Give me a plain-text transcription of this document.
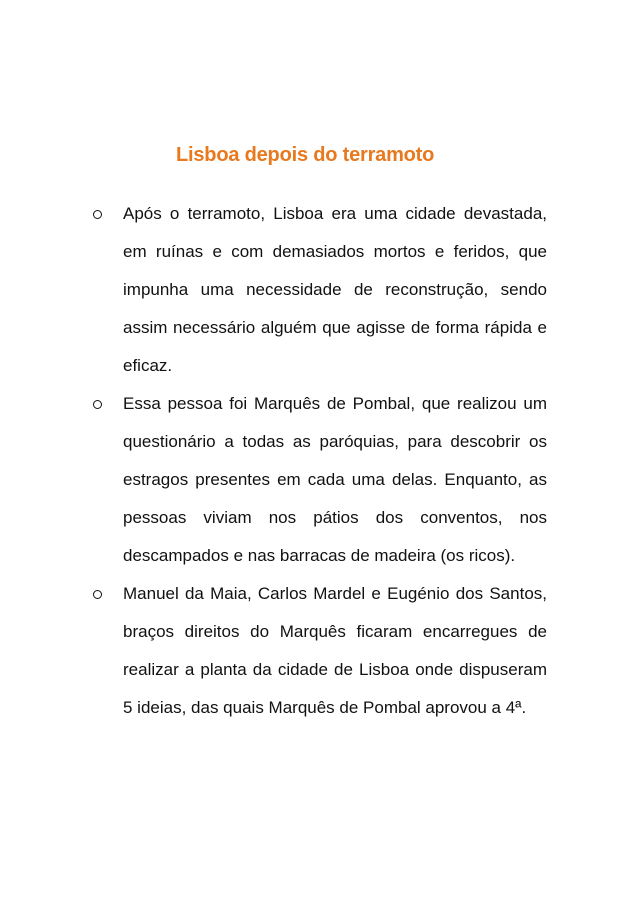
Lisboa depois do terramoto
Após o terramoto, Lisboa era uma cidade devastada, em ruínas e com demasiados mortos e feridos, que impunha uma necessidade de reconstrução, sendo assim necessário alguém que agisse de forma rápida e eficaz.
Essa pessoa foi Marquês de Pombal, que realizou um questionário a todas as paróquias, para descobrir os estragos presentes em cada uma delas. Enquanto, as pessoas viviam nos pátios dos conventos, nos descampados e nas barracas de madeira (os ricos).
Manuel da Maia, Carlos Mardel e Eugénio dos Santos, braços direitos do Marquês ficaram encarregues de realizar a planta da cidade de Lisboa onde dispuseram 5 ideias, das quais Marquês de Pombal aprovou a 4ª.
